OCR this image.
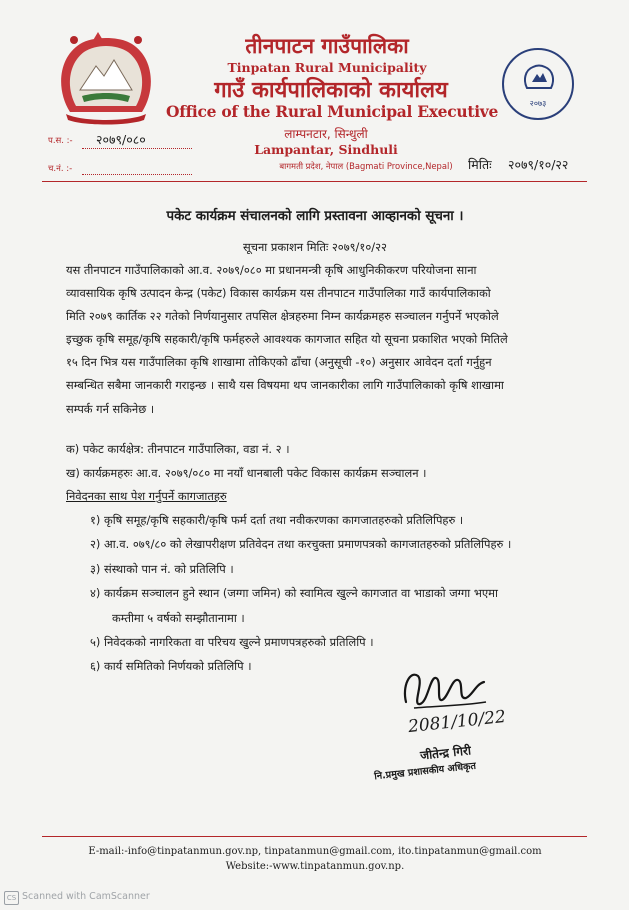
तीनपाटन गाउँपालिका
Tinpatan Rural Municipality
गाउँ कार्यपालिकाको कार्यालय
Office of the Rural Municipal Executive
लाम्पनटार, सिन्धुली
Lampantar, Sindhuli
बागमती प्रदेश, नेपाल (Bagmati Province,Nepal)
प.स. :- २०७९/०८०
च.नं. :-
२०७३
मितिः २०७९/१०/२२
पकेट कार्यक्रम संचालनको लागि प्रस्तावना आव्हानको सूचना ।
सूचना प्रकाशन मितिः २०७९/१०/२२
यस तीनपाटन गाउँपालिकाको आ.व. २०७९/०८० मा प्रधानमन्त्री कृषि आधुनिकीकरण परियोजना साना
व्यावसायिक कृषि उत्पादन केन्द्र (पकेट) विकास कार्यक्रम यस तीनपाटन गाउँपालिका गाउँ कार्यपालिकाको
मिति २०७९ कार्तिक २२ गतेको निर्णयानुसार तपसिल क्षेत्रहरुमा निम्न कार्यक्रमहरु सञ्चालन गर्नुपर्ने भएकोले
इच्छुक कृषि समूह/कृषि सहकारी/कृषि फर्महरुले आवश्यक कागजात सहित यो सूचना प्रकाशित भएको मितिले
१५ दिन भित्र यस गाउँपालिका कृषि शाखामा तोकिएको ढाँचा (अनुसूची -१०) अनुसार आवेदन दर्ता गर्नुहुन
सम्बन्धित सबैमा जानकारी गराइन्छ । साथै यस विषयमा थप जानकारीका लागि गाउँपालिकाको कृषि शाखामा
सम्पर्क गर्न सकिनेछ ।
क) पकेट कार्यक्षेत्र: तीनपाटन गाउँपालिका, वडा नं. २ ।
ख) कार्यक्रमहरुः आ.व. २०७९/०८० मा नयाँ धानबाली पकेट विकास कार्यक्रम सञ्चालन ।
निवेदनका साथ पेश गर्नुपर्ने कागजातहरु
१) कृषि समूह/कृषि सहकारी/कृषि फर्म दर्ता तथा नवीकरणका कागजातहरुको प्रतिलिपिहरु ।
२) आ.व. ०७९/८० को लेखापरीक्षण प्रतिवेदन तथा करचुक्ता प्रमाणपत्रको कागजातहरुको प्रतिलिपिहरु ।
३) संस्थाको पान नं. को प्रतिलिपि ।
४) कार्यक्रम सञ्चालन हुने स्थान (जग्गा जमिन) को स्वामित्व खुल्ने कागजात वा भाडाको जग्गा भएमा
कम्तीमा ५ वर्षको सम्झौतानामा ।
५) निवेदकको नागरिकता वा परिचय खुल्ने प्रमाणपत्रहरुको प्रतिलिपि ।
६) कार्य समितिको निर्णयको प्रतिलिपि ।
2081/10/22
जीतेन्द्र गिरी
नि.प्रमुख प्रशासकीय अधिकृत
E-mail:-info@tinpatanmun.gov.np, tinpatanmun@gmail.com, ito.tinpatanmun@gmail.com
Website:-www.tinpatanmun.gov.np.
CS Scanned with CamScanner
